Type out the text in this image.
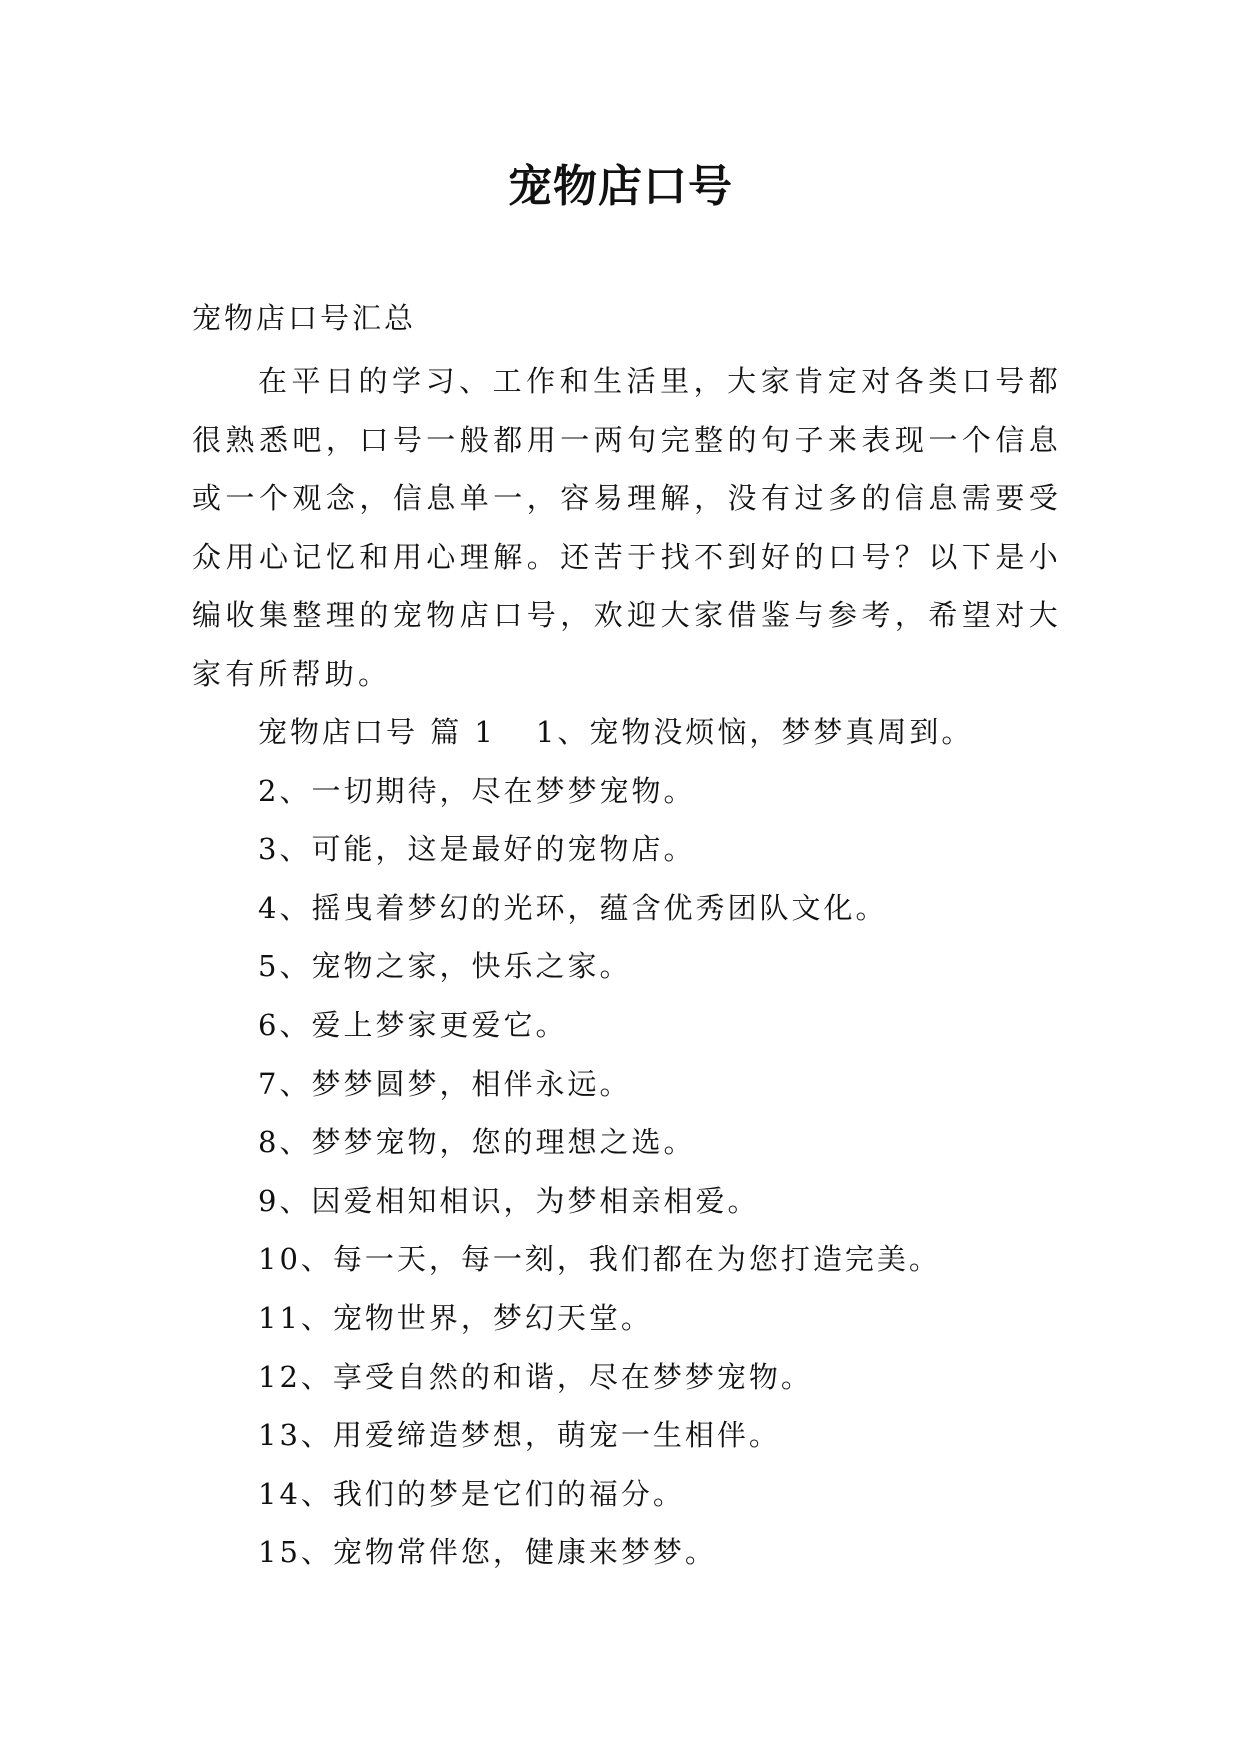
宠物店口号
宠物店口号汇总
在平日的学习、工作和生活里，大家肯定对各类口号都很熟悉吧，口号一般都用一两句完整的句子来表现一个信息或一个观念，信息单一，容易理解，没有过多的信息需要受众用心记忆和用心理解。还苦于找不到好的口号？以下是小编收集整理的宠物店口号，欢迎大家借鉴与参考，希望对大家有所帮助。
宠物店口号 篇 1 1、宠物没烦恼，梦梦真周到。
2、一切期待，尽在梦梦宠物。
3、可能，这是最好的宠物店。
4、摇曳着梦幻的光环，蕴含优秀团队文化。
5、宠物之家，快乐之家。
6、爱上梦家更爱它。
7、梦梦圆梦，相伴永远。
8、梦梦宠物，您的理想之选。
9、因爱相知相识，为梦相亲相爱。
10、每一天，每一刻，我们都在为您打造完美。
11、宠物世界，梦幻天堂。
12、享受自然的和谐，尽在梦梦宠物。
13、用爱缔造梦想，萌宠一生相伴。
14、我们的梦是它们的福分。
15、宠物常伴您，健康来梦梦。
